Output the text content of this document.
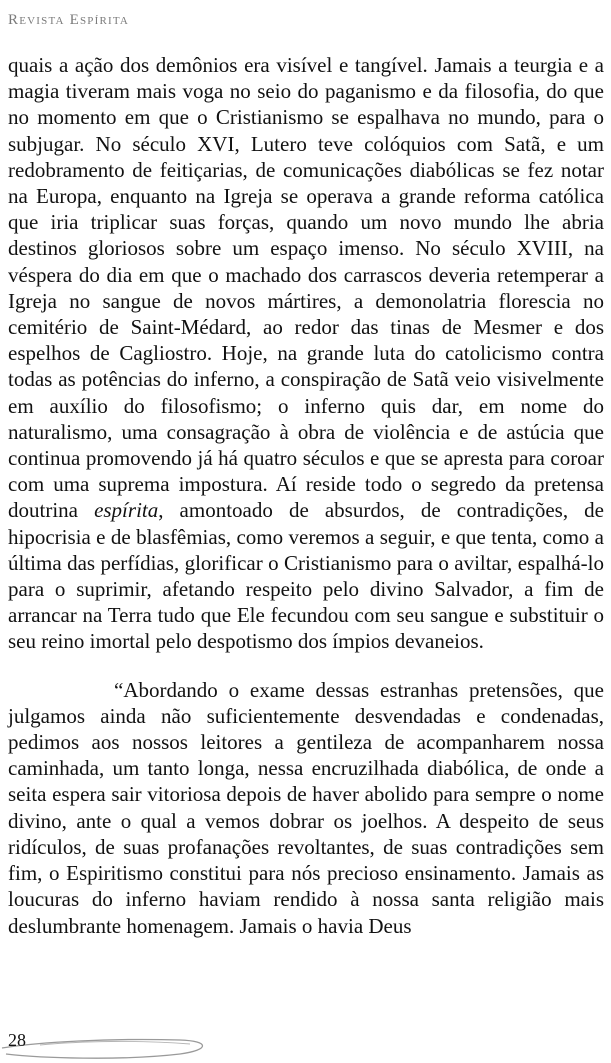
Revista Espírita

quais a ação dos demônios era visível e tangível. Jamais a teurgia e a magia tiveram mais voga no seio do paganismo e da filosofia, do que no momento em que o Cristianismo se espalhava no mundo, para o subjugar. No século XVI, Lutero teve colóquios com Satã, e um redobramento de feitiçarias, de comunicações diabólicas se fez notar na Europa, enquanto na Igreja se operava a grande reforma católica que iria triplicar suas forças, quando um novo mundo lhe abria destinos gloriosos sobre um espaço imenso. No século XVIII, na véspera do dia em que o machado dos carrascos deveria retemperar a Igreja no sangue de novos mártires, a demonolatria florescia no cemitério de Saint-Médard, ao redor das tinas de Mesmer e dos espelhos de Cagliostro. Hoje, na grande luta do catolicismo contra todas as potências do inferno, a conspiração de Satã veio visivelmente em auxílio do filosofismo; o inferno quis dar, em nome do naturalismo, uma consagração à obra de violência e de astúcia que continua promovendo já há quatro séculos e que se apresta para coroar com uma suprema impostura. Aí reside todo o segredo da pretensa doutrina espírita, amontoado de absurdos, de contradições, de hipocrisia e de blasfêmias, como veremos a seguir, e que tenta, como a última das perfídias, glorificar o Cristianismo para o aviltar, espalhá-lo para o suprimir, afetando respeito pelo divino Salvador, a fim de arrancar na Terra tudo que Ele fecundou com seu sangue e substituir o seu reino imortal pelo despotismo dos ímpios devaneios.

“Abordando o exame dessas estranhas pretensões, que julgamos ainda não suficientemente desvendadas e condenadas, pedimos aos nossos leitores a gentileza de acompanharem nossa caminhada, um tanto longa, nessa encruzilhada diabólica, de onde a seita espera sair vitoriosa depois de haver abolido para sempre o nome divino, ante o qual a vemos dobrar os joelhos. A despeito de seus ridículos, de suas profanações revoltantes, de suas contradições sem fim, o Espiritismo constitui para nós precioso ensinamento. Jamais as loucuras do inferno haviam rendido à nossa santa religião mais deslumbrante homenagem. Jamais o havia Deus

28
